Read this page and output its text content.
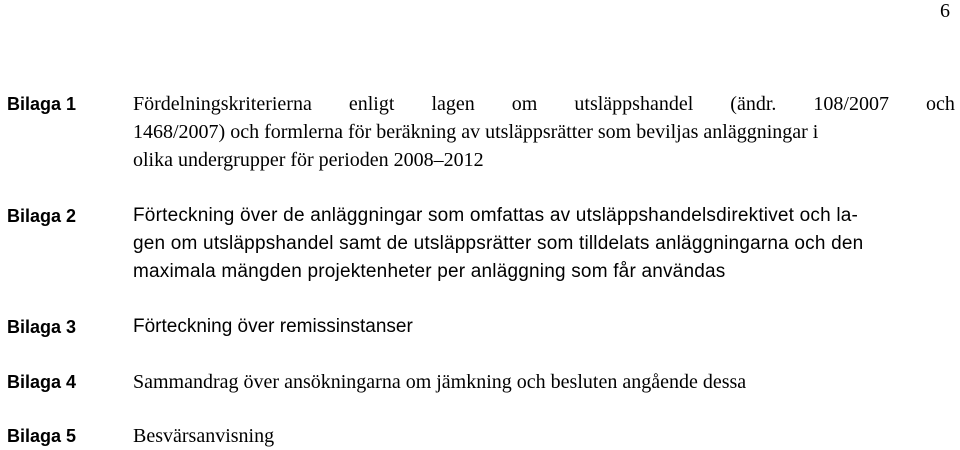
6
Bilaga 1	Fördelningskriterierna enligt lagen om utsläppshandel (ändr. 108/2007 och
1468/2007) och formlerna för beräkning av utsläppsrätter som beviljas anläggningar i
olika undergrupper för perioden 2008–2012
Bilaga 2	Förteckning över de anläggningar som omfattas av utsläppshandelsdirektivet och la-
gen om utsläppshandel samt de utsläppsrätter som tilldelats anläggningarna och den
maximala mängden projektenheter per anläggning som får användas
Bilaga 3	Förteckning över remissinstanser
Bilaga 4	Sammandrag över ansökningarna om jämkning och besluten angående dessa
Bilaga 5	Besvärsanvisning
